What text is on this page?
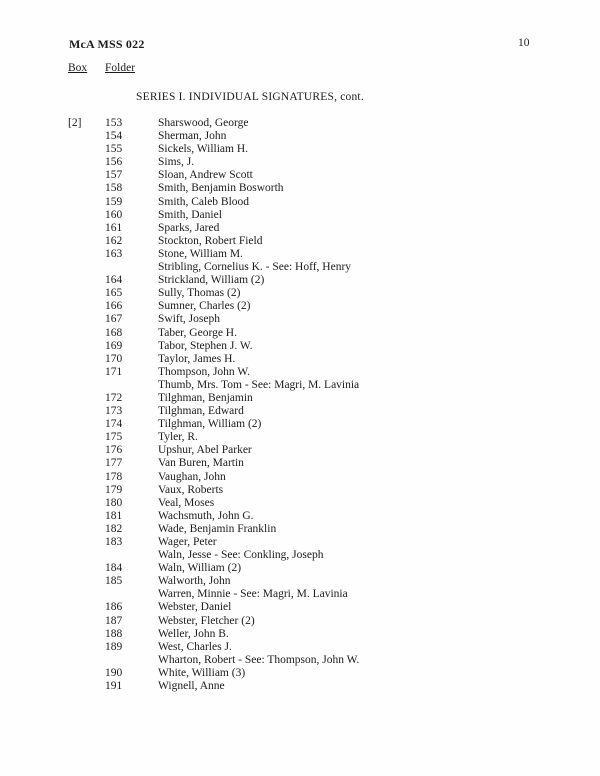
McA MSS 022	10
Box Folder
SERIES I. INDIVIDUAL SIGNATURES, cont.
[2]	153	Sharswood, George
154	Sherman, John
155	Sickels, William H.
156	Sims, J.
157	Sloan, Andrew Scott
158	Smith, Benjamin Bosworth
159	Smith, Caleb Blood
160	Smith, Daniel
161	Sparks, Jared
162	Stockton, Robert Field
163	Stone, William M.
Stribling, Cornelius K. - See: Hoff, Henry
164	Strickland, William (2)
165	Sully, Thomas (2)
166	Sumner, Charles (2)
167	Swift, Joseph
168	Taber, George H.
169	Tabor, Stephen J. W.
170	Taylor, James H.
171	Thompson, John W.
Thumb, Mrs. Tom - See: Magri, M. Lavinia
172	Tilghman, Benjamin
173	Tilghman, Edward
174	Tilghman, William (2)
175	Tyler, R.
176	Upshur, Abel Parker
177	Van Buren, Martin
178	Vaughan, John
179	Vaux, Roberts
180	Veal, Moses
181	Wachsmuth, John G.
182	Wade, Benjamin Franklin
183	Wager, Peter
Waln, Jesse - See: Conkling, Joseph
184	Waln, William (2)
185	Walworth, John
Warren, Minnie - See: Magri, M. Lavinia
186	Webster, Daniel
187	Webster, Fletcher (2)
188	Weller, John B.
189	West, Charles J.
Wharton, Robert - See: Thompson, John W.
190	White, William (3)
191	Wignell, Anne
